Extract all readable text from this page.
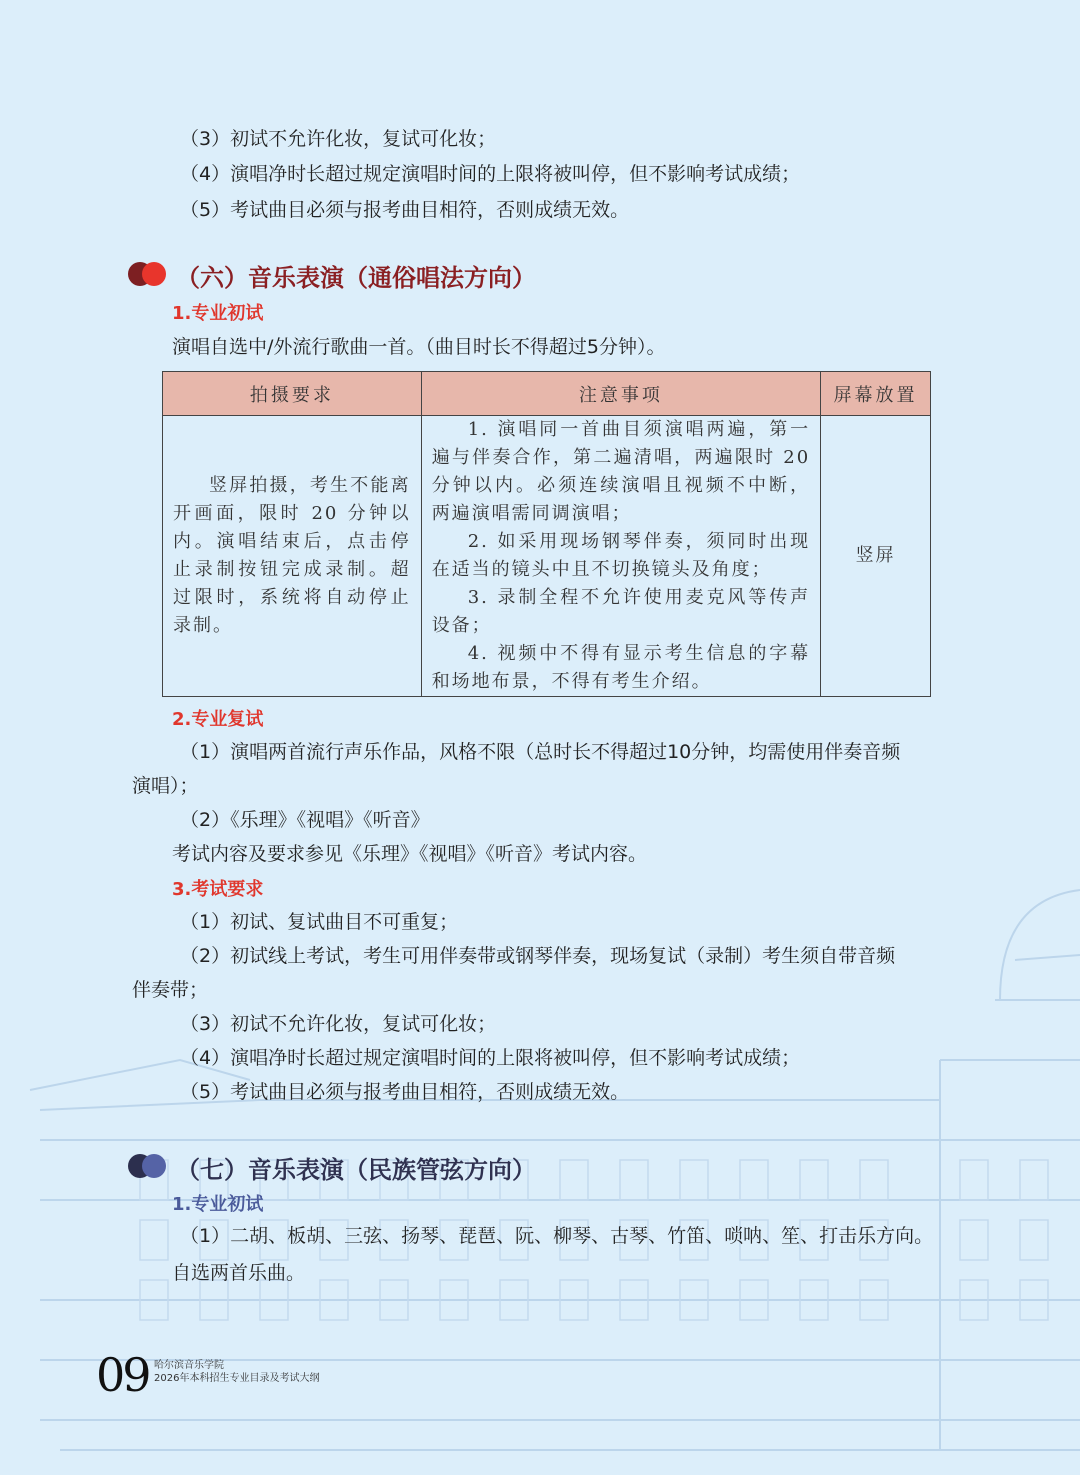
（3）初试不允许化妆，复试可化妆；
（4）演唱净时长超过规定演唱时间的上限将被叫停，但不影响考试成绩；
（5）考试曲目必须与报考曲目相符，否则成绩无效。
（六）音乐表演（通俗唱法方向）
1.专业初试
演唱自选中/外流行歌曲一首。（曲目时长不得超过5分钟）。
拍摄要求	注意事项	屏幕放置

竖屏拍摄，考生不能离开画面，限时 20 分钟以内。演唱结束后，点击停止录制按钮完成录制。超过限时，系统将自动停止录制。	1. 演唱同一首曲目须演唱两遍，第一遍与伴奏合作，第二遍清唱，两遍限时 20 分钟以内。必须连续演唱且视频不中断，两遍演唱需同调演唱；

2. 如采用现场钢琴伴奏，须同时出现在适当的镜头中且不切换镜头及角度；

3. 录制全程不允许使用麦克风等传声设备；

4. 视频中不得有显示考生信息的字幕和场地布景，不得有考生介绍。	竖屏
2.专业复试
（1）演唱两首流行声乐作品，风格不限（总时长不得超过10分钟，均需使用伴奏音频
演唱）；
（2）《乐理》《视唱》《听音》
考试内容及要求参见《乐理》《视唱》《听音》考试内容。
3.考试要求
（1）初试、复试曲目不可重复；
（2）初试线上考试，考生可用伴奏带或钢琴伴奏，现场复试（录制）考生须自带音频
伴奏带；
（3）初试不允许化妆，复试可化妆；
（4）演唱净时长超过规定演唱时间的上限将被叫停，但不影响考试成绩；
（5）考试曲目必须与报考曲目相符，否则成绩无效。
（七）音乐表演（民族管弦方向）
1.专业初试
（1）二胡、板胡、三弦、扬琴、琵琶、阮、柳琴、古琴、竹笛、唢呐、笙、打击乐方向。
自选两首乐曲。
09 哈尔滨音乐学院
2026年本科招生专业目录及考试大纲
